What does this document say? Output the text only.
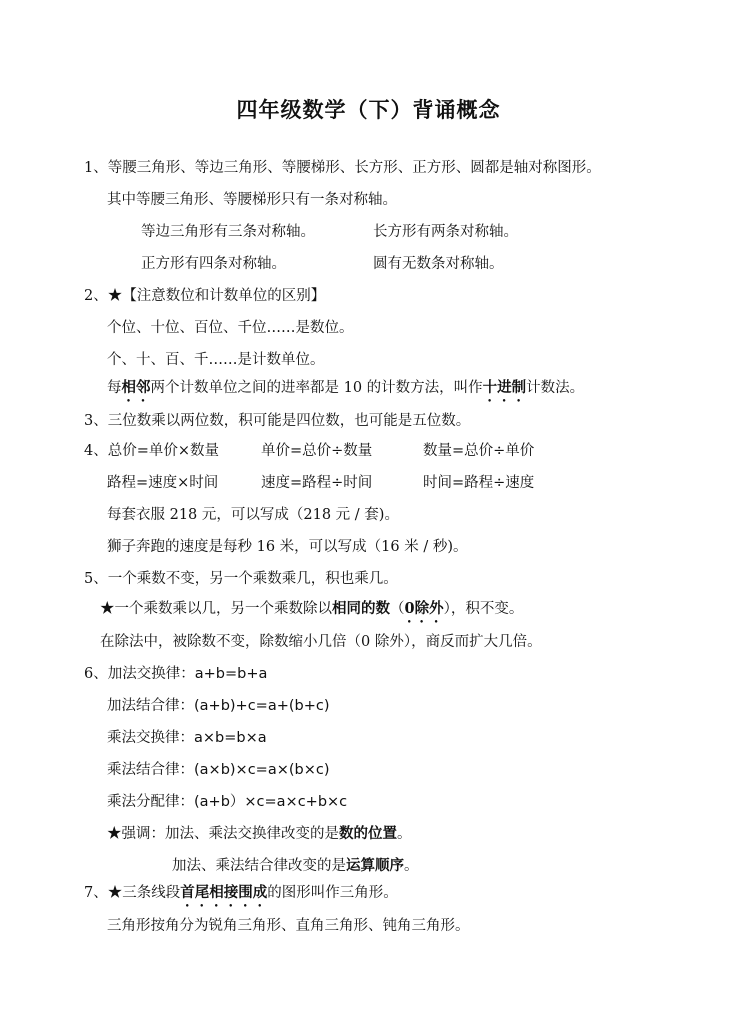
四年级数学（下）背诵概念
1、等腰三角形、等边三角形、等腰梯形、长方形、正方形、圆都是轴对称图形。
其中等腰三角形、等腰梯形只有一条对称轴。
等边三角形有三条对称轴。	长方形有两条对称轴。
正方形有四条对称轴。	圆有无数条对称轴。
2、★【注意数位和计数单位的区别】
个位、十位、百位、千位……是数位。
个、十、百、千……是计数单位。
每相邻两个计数单位之间的进率都是 10 的计数方法，叫作十进制计数法。
3、三位数乘以两位数，积可能是四位数，也可能是五位数。
4、总价=单价×数量	单价=总价÷数量	数量=总价÷单价
路程=速度×时间	速度=路程÷时间	时间=路程÷速度
每套衣服 218 元，可以写成（218 元 / 套)。
狮子奔跑的速度是每秒 16 米，可以写成（16 米 / 秒)。
5、一个乘数不变，另一个乘数乘几，积也乘几。
★一个乘数乘以几，另一个乘数除以相同的数（0除外），积不变。
在除法中，被除数不变，除数缩小几倍（0 除外），商反而扩大几倍。
6、加法交换律：a+b=b+a
加法结合律：(a+b)+c=a+(b+c)
乘法交换律：a×b=b×a
乘法结合律：(a×b)×c=a×(b×c)
乘法分配律：(a+b）×c=a×c+b×c
★强调：加法、乘法交换律改变的是数的位置。
加法、乘法结合律改变的是运算顺序。
7、★三条线段首尾相接围成的图形叫作三角形。
三角形按角分为锐角三角形、直角三角形、钝角三角形。
